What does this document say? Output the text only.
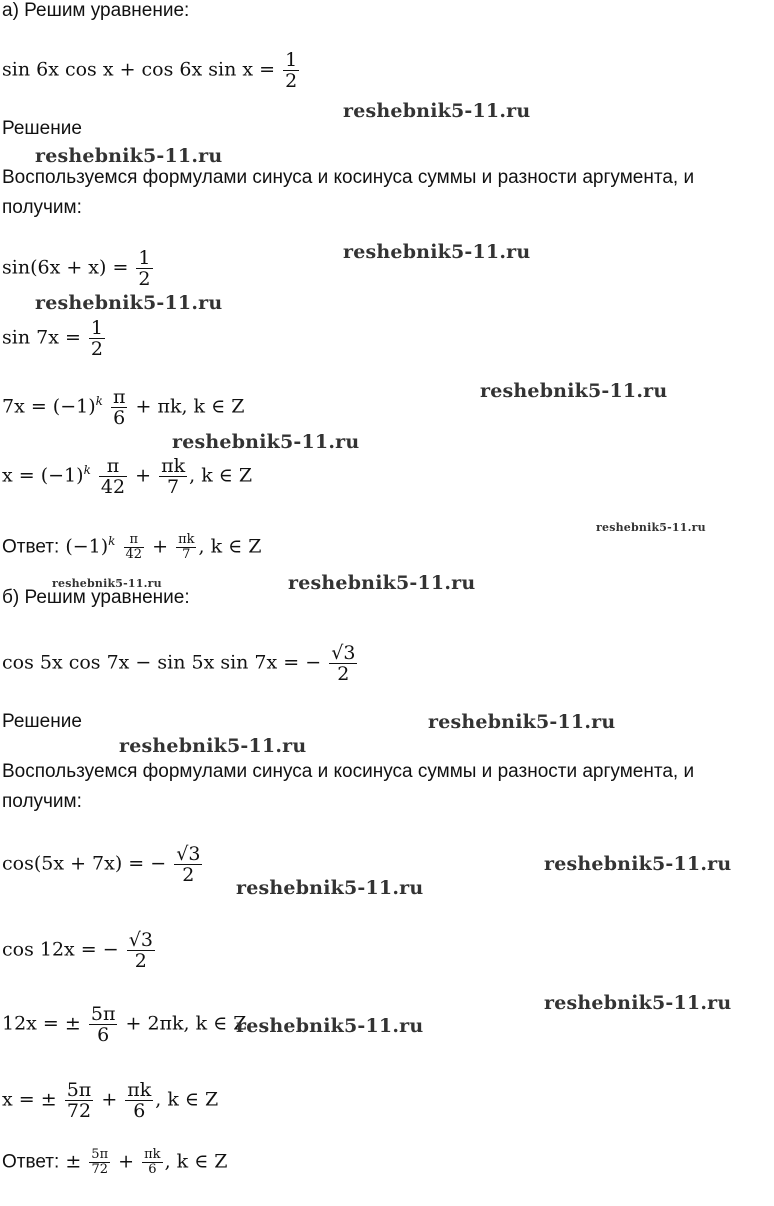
а) Решим уравнение:
sin 6x cos x + cos 6x $\sin x = \frac{1}{2}$
Решение
Воспользуемся формулами синуса и косинуса суммы и разности аргумента, и
получим:
$\sin(6x + x) = \frac{1}{2}$
$\sin 7x = \frac{1}{2}$
$7x = (-1)^k \frac{\pi}{6} + \pi k$, k ∈ Z
$x = (-1)^k \frac{\pi}{42} + \frac{\pi k}{7}$ , k ∈ Z
Ответ: $(-1)^k \frac{\pi}{42} + \frac{\pi k}{7}$ , k ∈ Z
б) Решим уравнение:
cos 5x cos 7x − sin 5x sin 7x = − $\frac{√3}{2}$
Решение
Воспользуемся формулами синуса и косинуса суммы и разности аргумента, и
получим:
cos(5x + 7x) = − $\frac{√3}{2}$
cos 12x = − $\frac{√3}{2}$
12x = ± $\frac{5\pi}{6} + 2\pi k$, k ∈ Z
x = ± $\frac{5\pi}{72} + \frac{\pi k}{6}$ , k ∈ Z
Ответ: ± $\frac{5\pi}{72} + \frac{\pi k}{6}$ , k ∈ Z
reshebnik5-11.ru
reshebnik5-11.ru
reshebnik5-11.ru
reshebnik5-11.ru
reshebnik5-11.ru
reshebnik5-11.ru
reshebnik5-11.ru
reshebnik5-11.ru	reshebnik5-11.ru
reshebnik5-11.ru
reshebnik5-11.ru
reshebnik5-11.ru
reshebnik5-11.ru
reshebnik5-11.ru
reshebnik5-11.ru
